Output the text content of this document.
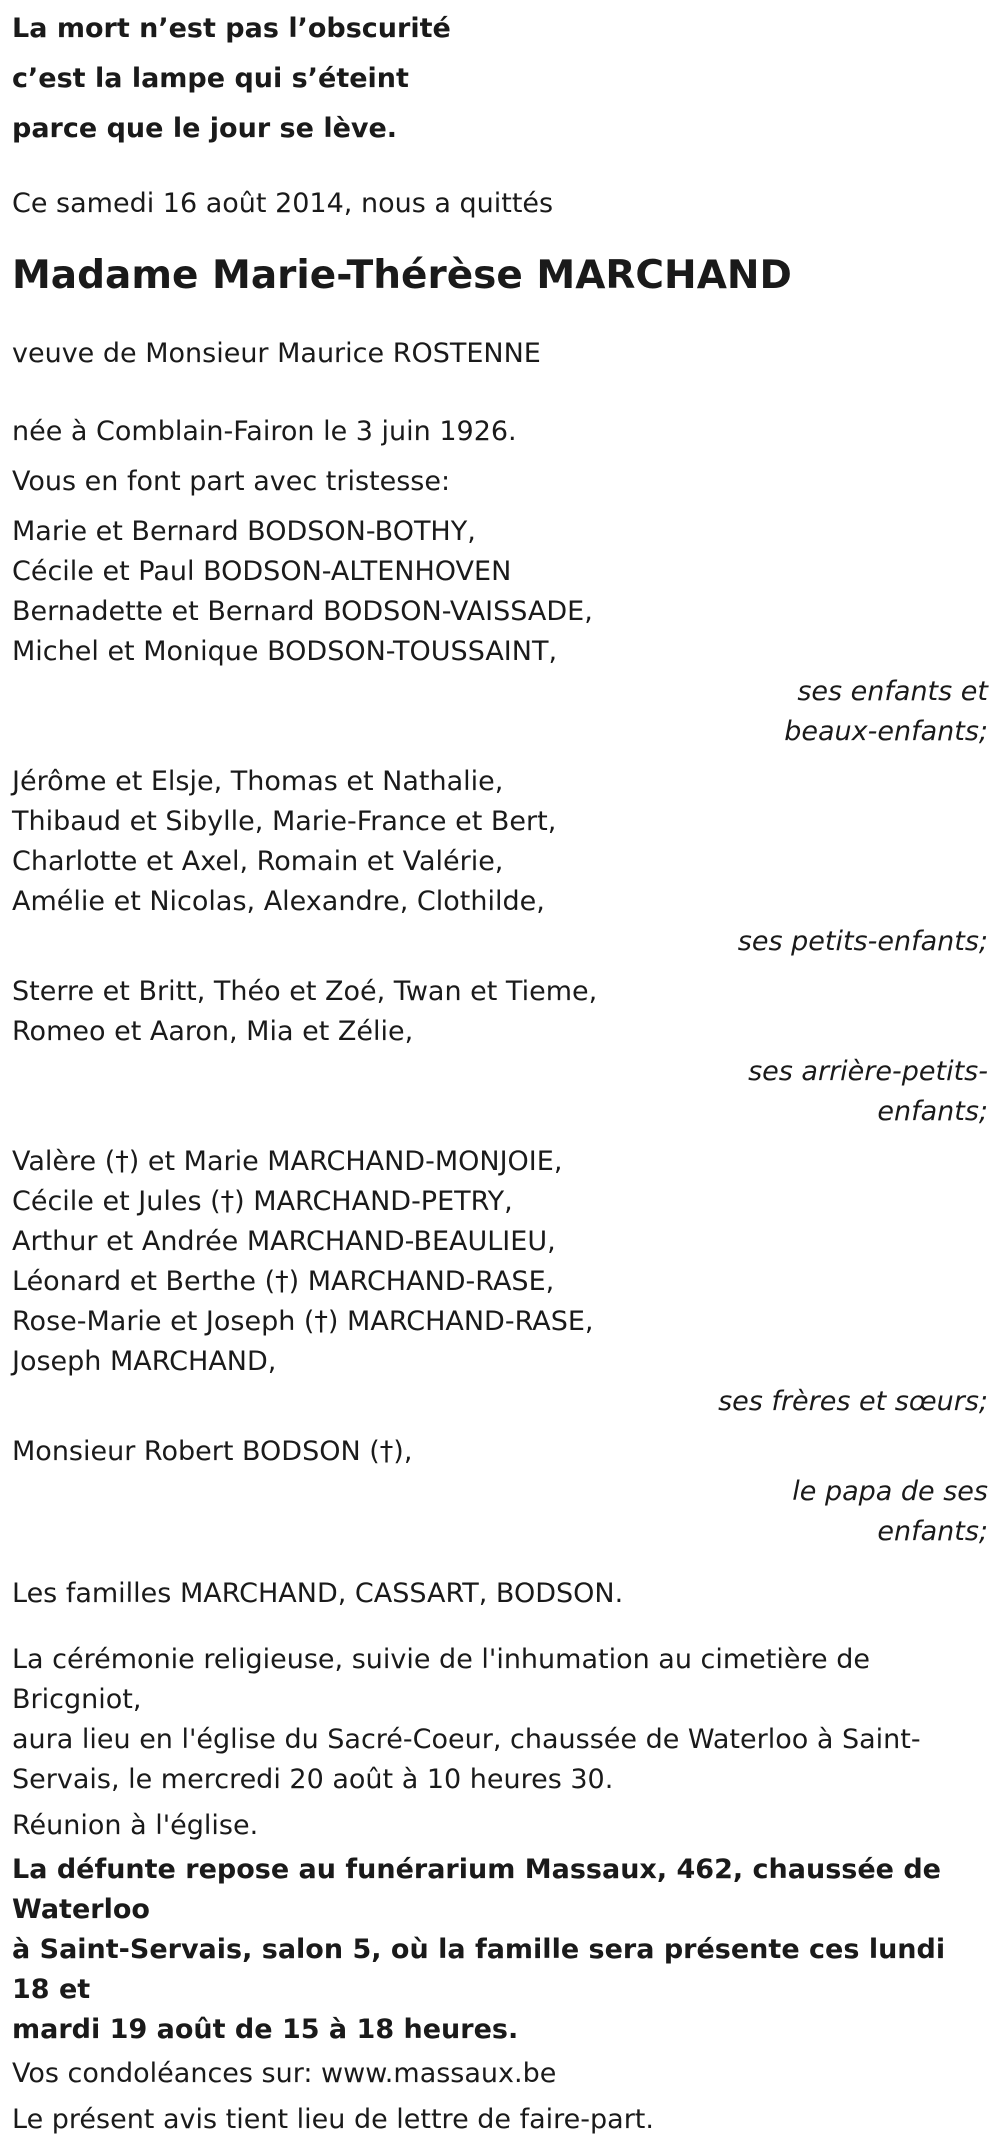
La mort n’est pas l’obscurité
c’est la lampe qui s’éteint
parce que le jour se lève.
Ce samedi 16 août 2014, nous a quittés
Madame Marie-Thérèse MARCHAND
veuve de Monsieur Maurice ROSTENNE
née à Comblain-Fairon le 3 juin 1926.
Vous en font part avec tristesse:
Marie et Bernard BODSON-BOTHY,
Cécile et Paul BODSON-ALTENHOVEN
Bernadette et Bernard BODSON-VAISSADE,
Michel et Monique BODSON-TOUSSAINT,
ses enfants et
beaux-enfants;
Jérôme et Elsje, Thomas et Nathalie,
Thibaud et Sibylle, Marie-France et Bert,
Charlotte et Axel, Romain et Valérie,
Amélie et Nicolas, Alexandre, Clothilde,
ses petits-enfants;
Sterre et Britt, Théo et Zoé, Twan et Tieme,
Romeo et Aaron, Mia et Zélie,
ses arrière-petits-
enfants;
Valère (†) et Marie MARCHAND-MONJOIE,
Cécile et Jules (†) MARCHAND-PETRY,
Arthur et Andrée MARCHAND-BEAULIEU,
Léonard et Berthe (†) MARCHAND-RASE,
Rose-Marie et Joseph (†) MARCHAND-RASE,
Joseph MARCHAND,
ses frères et sœurs;
Monsieur Robert BODSON (†),
le papa de ses
enfants;
Les familles MARCHAND, CASSART, BODSON.
La cérémonie religieuse, suivie de l'inhumation au cimetière de Bricgniot,
aura lieu en l'église du Sacré-Coeur, chaussée de Waterloo à Saint-
Servais, le mercredi 20 août à 10 heures 30.
Réunion à l'église.
La défunte repose au funérarium Massaux, 462, chaussée de Waterloo
à Saint-Servais, salon 5, où la famille sera présente ces lundi 18 et
mardi 19 août de 15 à 18 heures.
Vos condoléances sur: www.massaux.be
Le présent avis tient lieu de lettre de faire-part.
